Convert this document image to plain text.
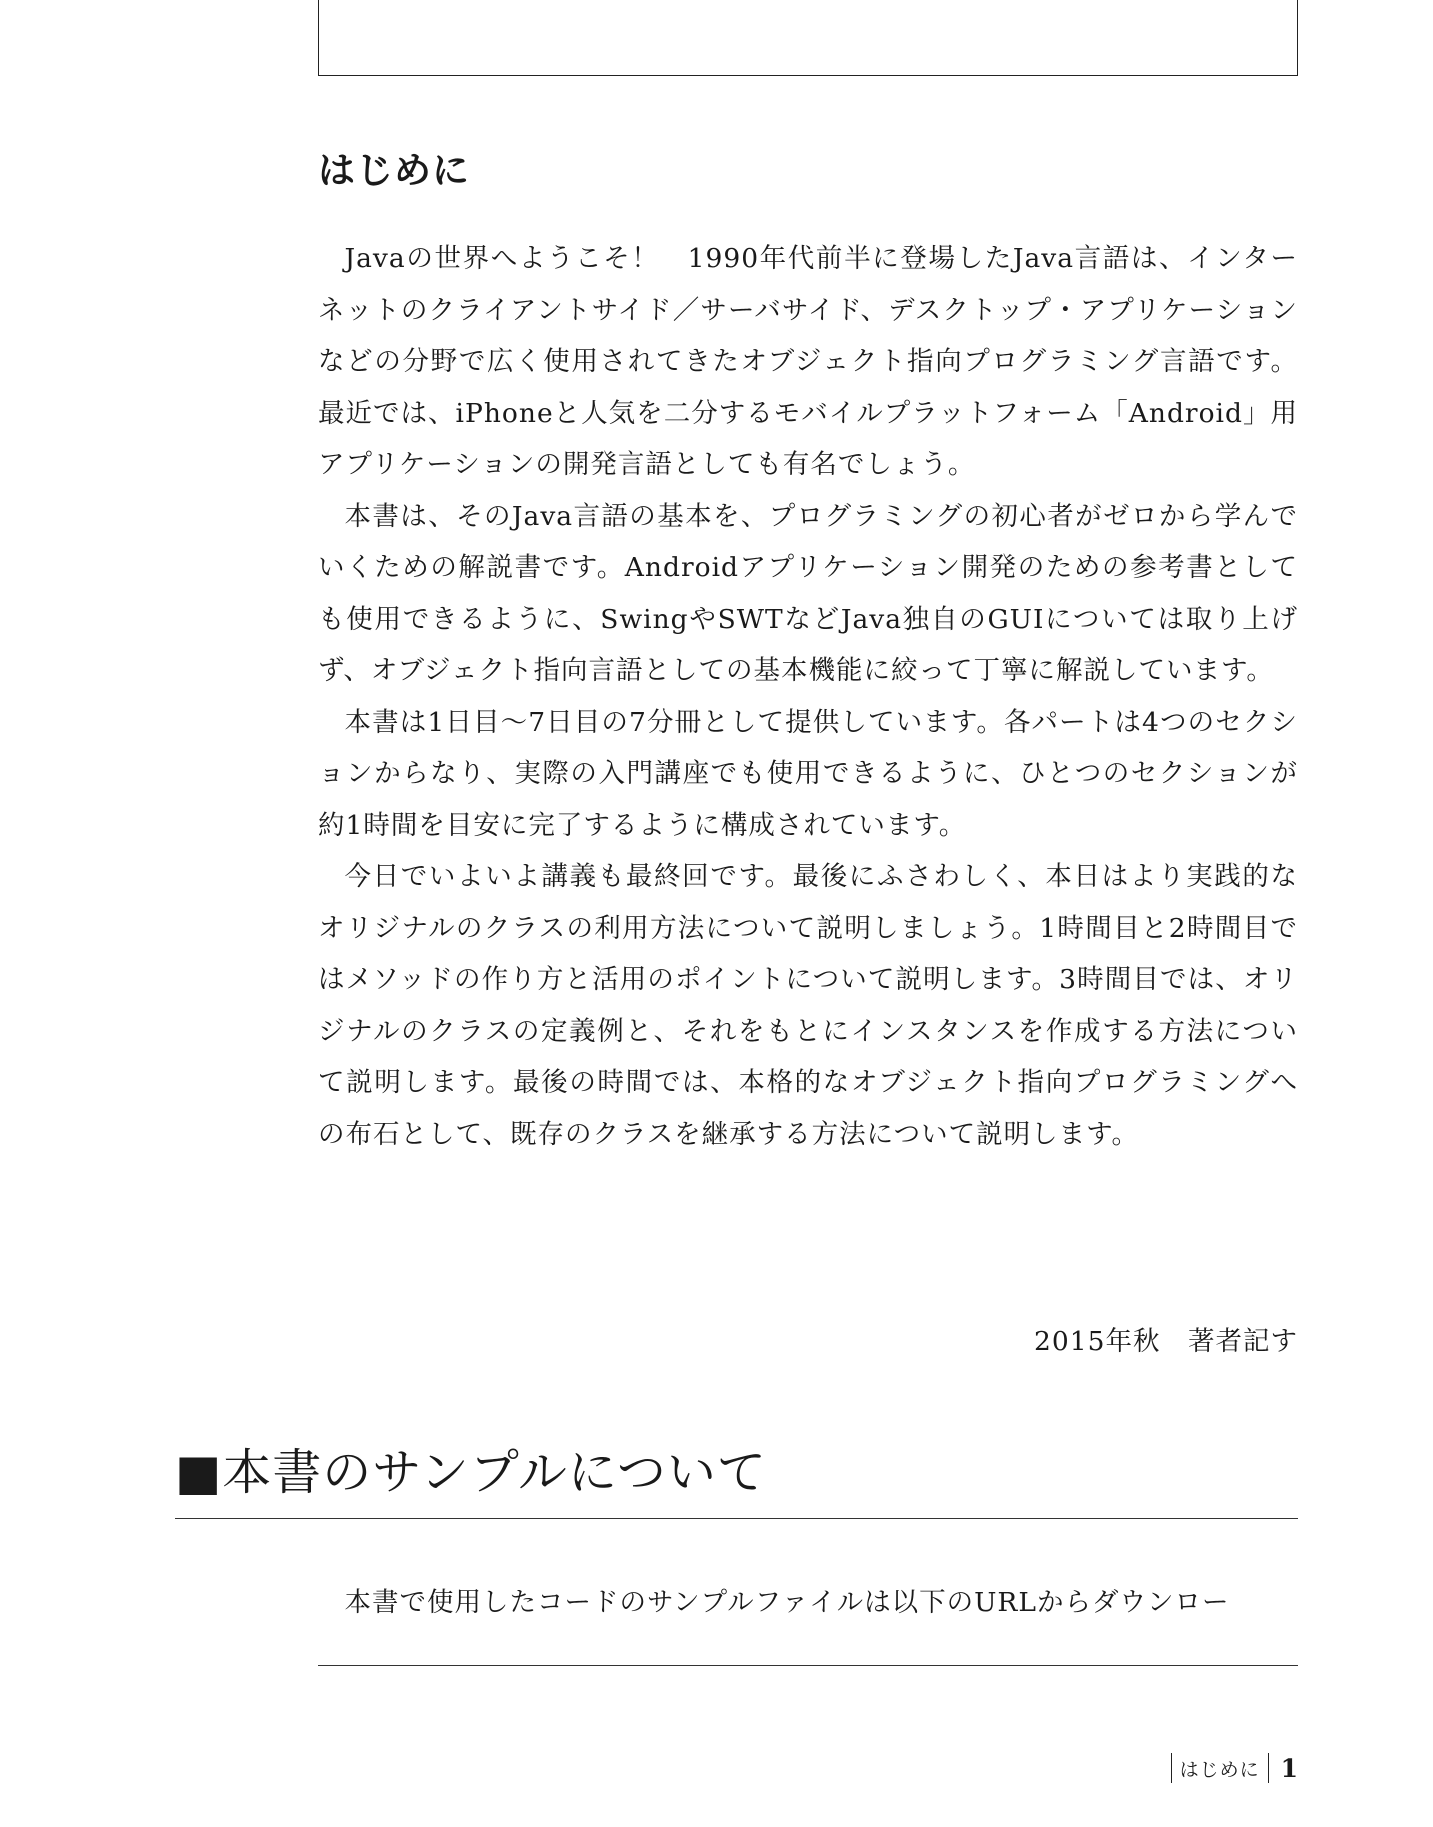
はじめに

Javaの世界へようこそ！　1990年代前半に登場したJava言語は、インターネットのクライアントサイド／サーバサイド、デスクトップ・アプリケーションなどの分野で広く使用されてきたオブジェクト指向プログラミング言語です。最近では、iPhoneと人気を二分するモバイルプラットフォーム「Android」用アプリケーションの開発言語としても有名でしょう。

本書は、そのJava言語の基本を、プログラミングの初心者がゼロから学んでいくための解説書です。Androidアプリケーション開発のための参考書としても使用できるように、SwingやSWTなどJava独自のGUIについては取り上げず、オブジェクト指向言語としての基本機能に絞って丁寧に解説しています。

本書は1日目〜7日目の7分冊として提供しています。各パートは4つのセクションからなり、実際の入門講座でも使用できるように、ひとつのセクションが約1時間を目安に完了するように構成されています。

今日でいよいよ講義も最終回です。最後にふさわしく、本日はより実践的なオリジナルのクラスの利用方法について説明しましょう。1時間目と2時間目ではメソッドの作り方と活用のポイントについて説明します。3時間目では、オリジナルのクラスの定義例と、それをもとにインスタンスを作成する方法について説明します。最後の時間では、本格的なオブジェクト指向プログラミングへの布石として、既存のクラスを継承する方法について説明します。

2015年秋　著者記す

■本書のサンプルについて

本書で使用したコードのサンプルファイルは以下のURLからダウンロー

はじめに 1
